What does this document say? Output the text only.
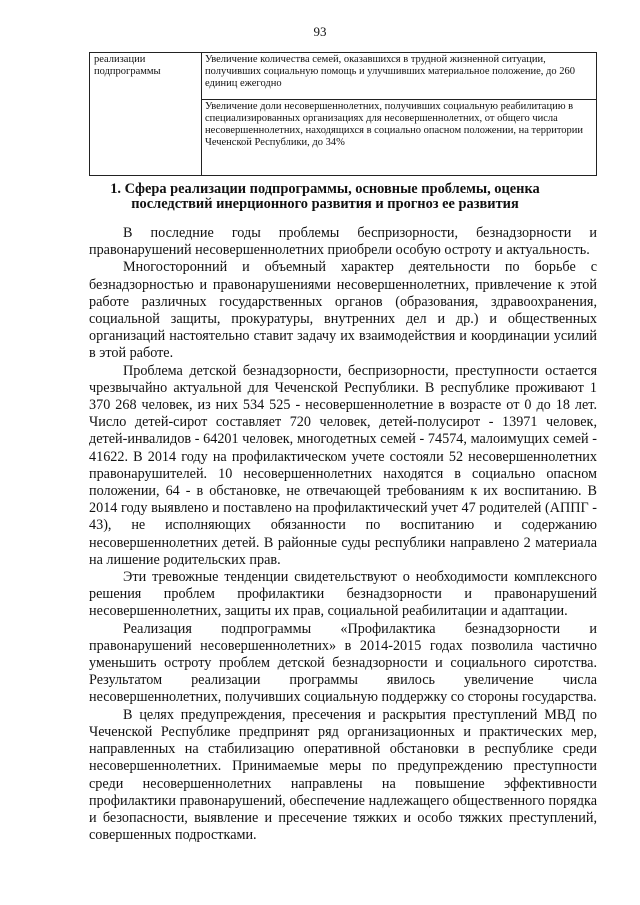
93
реализации подпрограммы	Увеличение количества семей, оказавшихся в трудной жизненной ситуации, получивших социальную помощь и улучшивших материальное положение, до 260 единиц ежегодно
Увеличение доли несовершеннолетних, получивших социальную реабилитацию в специализированных организациях для несовершеннолетних, от общего числа несовершеннолетних, находящихся в социально опасном положении, на территории Чеченской Республики, до 34%
1. Сфера реализации подпрограммы, основные проблемы, оценка последствий инерционного развития и прогноз ее развития

В последние годы проблемы беспризорности, безнадзорности и правонарушений несовершеннолетних приобрели особую остроту и актуальность.

Многосторонний и объемный характер деятельности по борьбе с безнадзорностью и правонарушениями несовершеннолетних, привлечение к этой работе различных государственных органов (образования, здравоохранения, социальной защиты, прокуратуры, внутренних дел и др.) и общественных организаций настоятельно ставит задачу их взаимодействия и координации усилий в этой работе.

Проблема детской безнадзорности, беспризорности, преступности остается чрезвычайно актуальной для Чеченской Республики. В республике проживают 1 370 268 человек, из них 534 525 - несовершеннолетние в возрасте от 0 до 18 лет. Число детей-сирот составляет 720 человек, детей-полусирот - 13971 человек, детей-инвалидов - 64201 человек, многодетных семей - 74574, малоимущих семей - 41622. В 2014 году на профилактическом учете состояли 52 несовершеннолетних правонарушителей. 10 несовершеннолетних находятся в социально опасном положении, 64 - в обстановке, не отвечающей требованиям к их воспитанию. В 2014 году выявлено и поставлено на профилактический учет 47 родителей (АППГ - 43), не исполняющих обязанности по воспитанию и содержанию несовершеннолетних детей. В районные суды республики направлено 2 материала на лишение родительских прав.

Эти тревожные тенденции свидетельствуют о необходимости комплексного решения проблем профилактики безнадзорности и правонарушений несовершеннолетних, защиты их прав, социальной реабилитации и адаптации.

Реализация подпрограммы «Профилактика безнадзорности и правонарушений несовершеннолетних» в 2014-2015 годах позволила частично уменьшить остроту проблем детской безнадзорности и социального сиротства. Результатом реализации программы явилось увеличение числа несовершеннолетних, получивших социальную поддержку со стороны государства.

В целях предупреждения, пресечения и раскрытия преступлений МВД по Чеченской Республике предпринят ряд организационных и практических мер, направленных на стабилизацию оперативной обстановки в республике среди несовершеннолетних. Принимаемые меры по предупреждению преступности среди несовершеннолетних направлены на повышение эффективности профилактики правонарушений, обеспечение надлежащего общественного порядка и безопасности, выявление и пресечение тяжких и особо тяжких преступлений, совершенных подростками.
